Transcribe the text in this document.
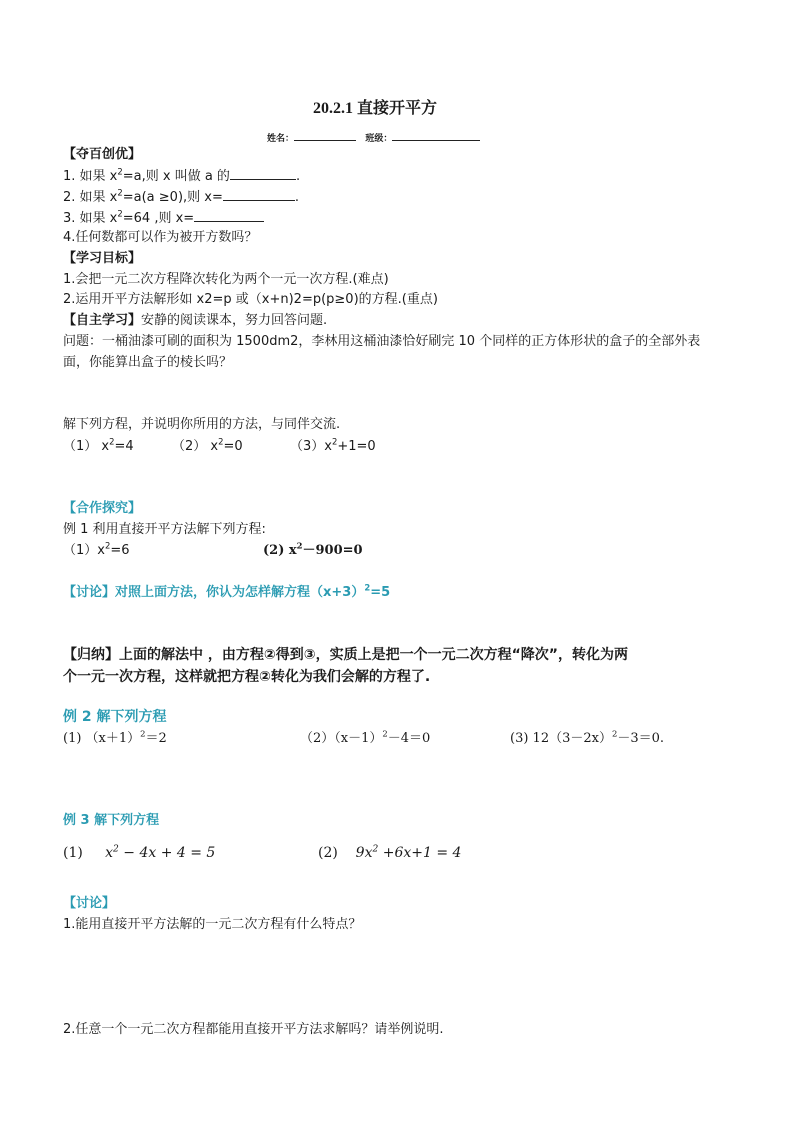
20.2.1 直接开平方
姓名：	班级：
【夺百创优】
1. 如果 $x^2=a$,则 x 叫做 a 的	.
2. 如果 $x^2=a(a \ge 0)$,则 x=	.
3. 如果 $x^2=64$ ,则 x=
4.任何数都可以作为被开方数吗？
【学习目标】
1.会把一元二次方程降次转化为两个一元一次方程.(难点)
2.运用开平方法解形如 x2=p 或（x+n)2=p(p≥0)的方程.(重点)
【自主学习】安静的阅读课本，努力回答问题.
问题：一桶油漆可刷的面积为 1500dm2，李林用这桶油漆恰好刷完 10 个同样的正方体形状的盒子的全部外表
面，你能算出盒子的棱长吗？
解下列方程，并说明你所用的方法，与同伴交流.
（1） $x^2=4$	（2） $x^2=0$	$(3)x^2+1=0$
【合作探究】
例 1 利用直接开平方法解下列方程:
$(1)x^2=6$	(2) $x^2-900=0$
【讨论】对照上面方法，你认为怎样解方程$(x+3)^2=5$
【归纳】上面的解法中 ，由方程②得到③，实质上是把一个一元二次方程“降次”，转化为两
个一元一次方程，这样就把方程②转化为我们会解的方程了.
例 2 解下列方程
(1) $(x+1)^2=2$	$(2)(x-1)^2-4=0$	(3) $12(3-2x)^2-3=0$.
例 3 解下列方程
(1) $x^2 - 4x + 4 = 5$	(2) $9x^2 +6x+1 = 4$
【讨论】
1.能用直接开平方法解的一元二次方程有什么特点？
2.任意一个一元二次方程都能用直接开平方法求解吗？请举例说明.
